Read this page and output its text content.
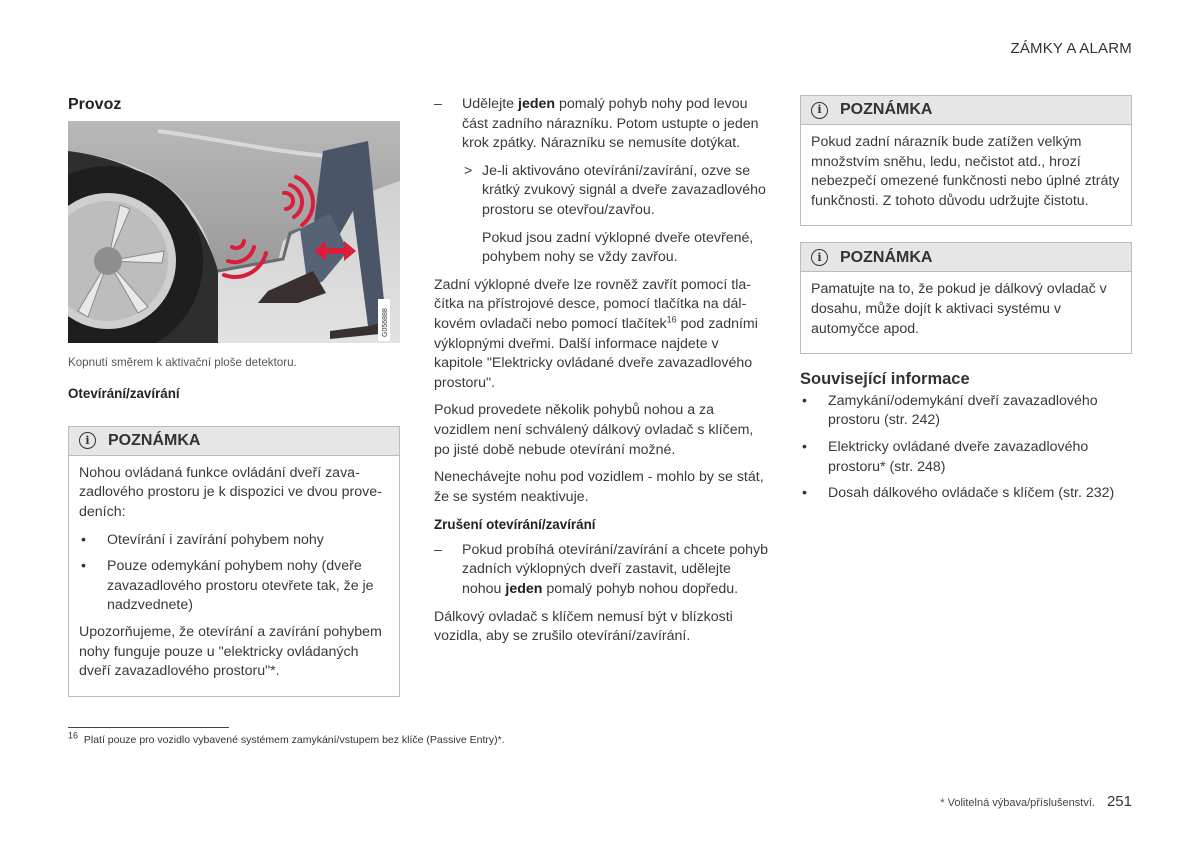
ZÁMKY A ALARM
Provoz
G056888
Kopnutí směrem k aktivační ploše detektoru.
Otevírání/zavírání
i	POZNÁMKA

Nohou ovládaná funkce ovládání dveří zavazadlového prostoru je k dispozici ve dvou provedeních:

• Otevírání i zavírání pohybem nohy
• Pouze odemykání pohybem nohy (dveře zavazadlového prostoru otevřete tak, že je nadzvednete)

Upozorňujeme, že otevírání a zavírání pohybem nohy funguje pouze u "elektricky ovládaných dveří zavazadlového prostoru"*.

– Udělejte jeden pomalý pohyb nohy pod levou část zadního nárazníku. Potom ustupte o jeden krok zpátky. Nárazníku se nemusíte dotýkat.
> Je-li aktivováno otevírání/zavírání, ozve se krátký zvukový signál a dveře zavazadlového prostoru se otevřou/zavřou.

Pokud jsou zadní výklopné dveře otevřené, pohybem nohy se vždy zavřou.

Zadní výklopné dveře lze rovněž zavřít pomocí tlačítka na přístrojové desce, pomocí tlačítka na dálkovém ovladači nebo pomocí tlačítek$^{16}$ pod zadními výklopnými dveřmi. Další informace najdete v kapitole "Elektricky ovládané dveře zavazadlového prostoru".

Pokud provedete několik pohybů nohou a za vozidlem není schválený dálkový ovladač s klíčem, po jisté době nebude otevírání možné.

Nenechávejte nohu pod vozidlem - mohlo by se stát, že se systém neaktivuje.

Zrušení otevírání/zavírání
– Pokud probíhá otevírání/zavírání a chcete pohyb zadních výklopných dveří zastavit, udělejte nohou jeden pomalý pohyb nohou dopředu.

Dálkový ovladač s klíčem nemusí být v blízkosti vozidla, aby se zrušilo otevírání/zavírání.

i	POZNÁMKA

Pokud zadní nárazník bude zatížen velkým množstvím sněhu, ledu, nečistot atd., hrozí nebezpečí omezené funkčnosti nebo úplné ztráty funkčnosti. Z tohoto důvodu udržujte čistotu.

i	POZNÁMKA

Pamatujte na to, že pokud je dálkový ovladač v dosahu, může dojít k aktivaci systému v automyčce apod.

Související informace
• Zamykání/odemykání dveří zavazadlového prostoru (str. 242)
• Elektricky ovládané dveře zavazadlového prostoru* (str. 248)
• Dosah dálkového ovládače s klíčem (str. 232)
$^{16}$ Platí pouze pro vozidlo vybavené systémem zamykání/vstupem bez klíče (Passive Entry)*.
* Volitelná výbava/příslušenství. 251
